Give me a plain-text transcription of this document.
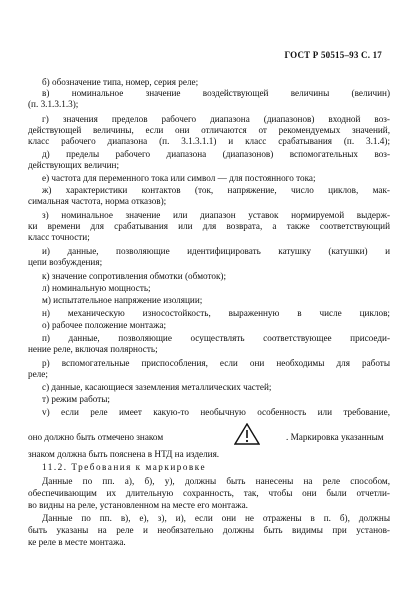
ГОСТ Р 50515–93 С. 17
б) обозначение типа, номер, серия реле;
в) номинальное значение воздействующей величины (величин)
(п. 3.1.3.1.3);
г) значения пределов рабочего диапазона (диапазонов) входной воз-
действующей величины, если они отличаются от рекомендуемых значений,
класс рабочего диапазона (п. 3.1.3.1.1) и класс срабатывания (п. 3.1.4);
д) пределы рабочего диапазона (диапазонов) вспомогательных воз-
действующих величин;
е) частота для переменного тока или символ — для постоянного тока;
ж) характеристики контактов (ток, напряжение, число циклов, мак-
симальная частота, норма отказов);
з) номинальное значение или диапазон уставок нормируемой выдерж-
ки времени для срабатывания или для возврата, а также соответствующий
класс точности;
и) данные, позволяющие идентифицировать катушку (катушки) и
цепи возбуждения;
к) значение сопротивления обмотки (обмоток);
л) номинальную мощность;
м) испытательное напряжение изоляции;
н) механическую износостойкость, выраженную в числе циклов;
о) рабочее положение монтажа;
п) данные, позволяющие осуществлять соответствующее присоеди-
нение реле, включая полярность;
р) вспомогательные приспособления, если они необходимы для работы
реле;
с) данные, касающиеся заземления металлических частей;
т) режим работы;
v) если реле имеет какую-то необычную особенность или требование,
оно должно быть отмечено знаком	. Маркировка указанным
знаком должна быть пояснена в НТД на изделия.
11.2. Требования к маркировке
Данные по пп. а), б), у), должны быть нанесены на реле способом,
обеспечивающим их длительную сохранность, так, чтобы они были отчетли-
во видны на реле, установленном на месте его монтажа.
Данные по пп. в), е), з), и), если они не отражены в п. б), должны
быть указаны на реле и необязательно должны быть видимы при установ-
ке реле в месте монтажа.
